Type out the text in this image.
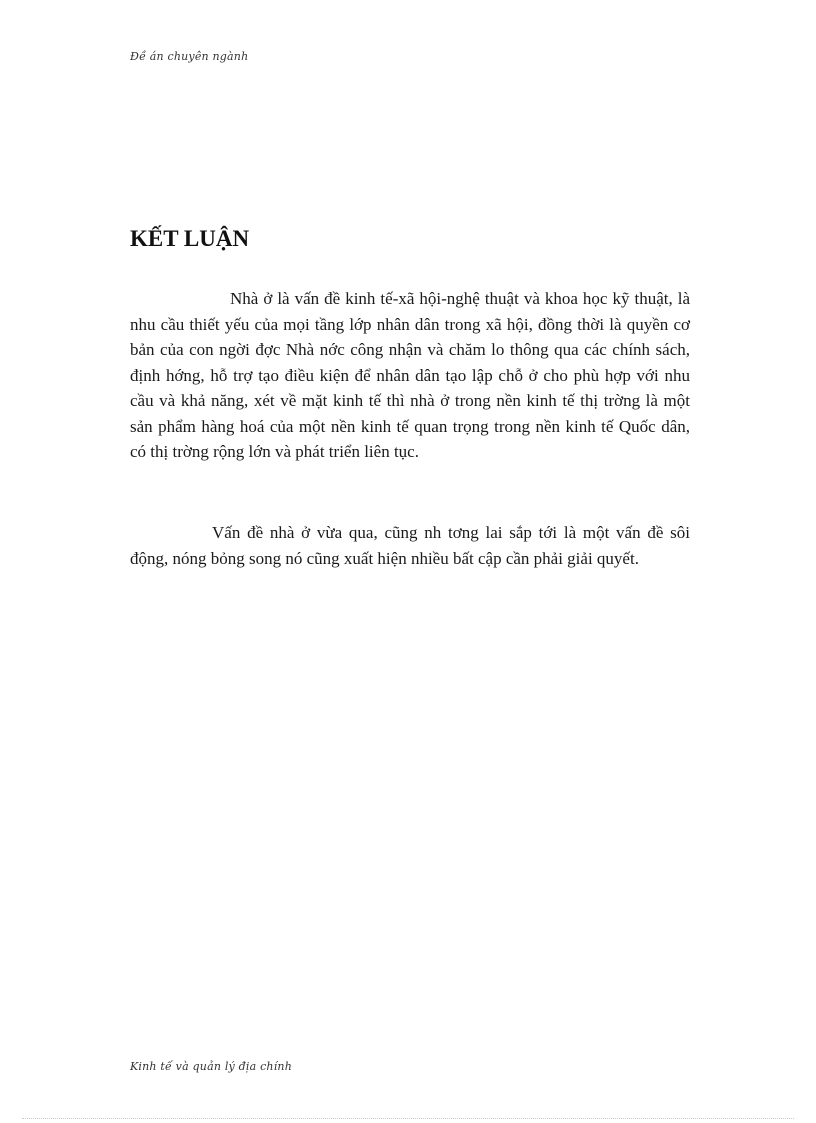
Đề án chuyên ngành
KẾT LUẬN

Nhà ở là vấn đề kinh tế-xã hội-nghệ thuật và khoa học kỹ thuật, là nhu cầu thiết yếu của mọi tầng lớp nhân dân trong xã hội, đồng thời là quyền cơ bản của con ngời đợc Nhà nớc công nhận và chăm lo thông qua các chính sách, định hớng, hỗ trợ tạo điều kiện để nhân dân tạo lập chỗ ở cho phù hợp với nhu cầu và khả năng, xét về mặt kinh tế thì nhà ở trong nền kinh tế thị trờng là một sản phẩm hàng hoá của một nền kinh tế quan trọng trong nền kinh tế Quốc dân, có thị trờng rộng lớn và phát triển liên tục.

Vấn đề nhà ở vừa qua, cũng nh tơng lai sắp tới là một vấn đề sôi động, nóng bỏng song nó cũng xuất hiện nhiều bất cập cần phải giải quyết.

Kinh tế và quản lý địa chính
